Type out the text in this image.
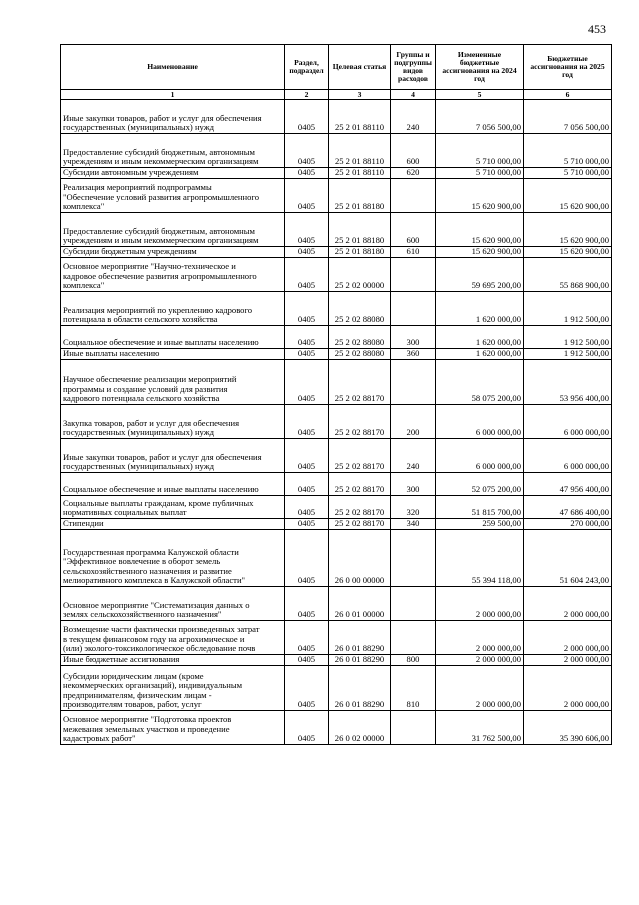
453
Наименование	Раздел, подраздел	Целевая статья	Группы и подгруппы видов расходов	Измененные бюджетные ассигнования на 2024 год	Бюджетные ассигнования на 2025 год
1	2	3	4	5	6
Иные закупки товаров, работ и услуг для обеспечения
государственных (муниципальных) нужд	0405	25 2 01 88110	240	7 056 500,00	7 056 500,00
Предоставление субсидий бюджетным, автономным
учреждениям и иным некоммерческим организациям	0405	25 2 01 88110	600	5 710 000,00	5 710 000,00
Субсидии автономным учреждениям	0405	25 2 01 88110	620	5 710 000,00	5 710 000,00
Реализация мероприятий подпрограммы
"Обеспечение условий развития агропромышленного
комплекса"	0405	25 2 01 88180		15 620 900,00	15 620 900,00
Предоставление субсидий бюджетным, автономным
учреждениям и иным некоммерческим организациям	0405	25 2 01 88180	600	15 620 900,00	15 620 900,00
Субсидии бюджетным учреждениям	0405	25 2 01 88180	610	15 620 900,00	15 620 900,00
Основное мероприятие "Научно-техническое и
кадровое обеспечение развития агропромышленного
комплекса"	0405	25 2 02 00000		59 695 200,00	55 868 900,00
Реализация мероприятий по укреплению кадрового
потенциала в области сельского хозяйства	0405	25 2 02 88080		1 620 000,00	1 912 500,00
Социальное обеспечение и иные выплаты населению	0405	25 2 02 88080	300	1 620 000,00	1 912 500,00
Иные выплаты населению	0405	25 2 02 88080	360	1 620 000,00	1 912 500,00
Научное обеспечение реализации мероприятий
программы и создание условий для развития
кадрового потенциала сельского хозяйства	0405	25 2 02 88170		58 075 200,00	53 956 400,00
Закупка товаров, работ и услуг для обеспечения
государственных (муниципальных) нужд	0405	25 2 02 88170	200	6 000 000,00	6 000 000,00
Иные закупки товаров, работ и услуг для обеспечения
государственных (муниципальных) нужд	0405	25 2 02 88170	240	6 000 000,00	6 000 000,00
Социальное обеспечение и иные выплаты населению	0405	25 2 02 88170	300	52 075 200,00	47 956 400,00
Социальные выплаты гражданам, кроме публичных
нормативных социальных выплат	0405	25 2 02 88170	320	51 815 700,00	47 686 400,00
Стипендии	0405	25 2 02 88170	340	259 500,00	270 000,00
Государственная программа Калужской области
"Эффективное вовлечение в оборот земель
сельскохозяйственного назначения и развитие
мелиоративного комплекса в Калужской области"	0405	26 0 00 00000		55 394 118,00	51 604 243,00
Основное мероприятие "Систематизация данных о
землях сельскохозяйственного назначения"	0405	26 0 01 00000		2 000 000,00	2 000 000,00
Возмещение части фактически произведенных затрат
в текущем финансовом году на агрохимическое и
(или) эколого-токсикологическое обследование почв	0405	26 0 01 88290		2 000 000,00	2 000 000,00
Иные бюджетные ассигнования	0405	26 0 01 88290	800	2 000 000,00	2 000 000,00
Субсидии юридическим лицам (кроме
некоммерческих организаций), индивидуальным
предпринимателям, физическим лицам -
производителям товаров, работ, услуг	0405	26 0 01 88290	810	2 000 000,00	2 000 000,00
Основное мероприятие "Подготовка проектов
межевания земельных участков и проведение
кадастровых работ"	0405	26 0 02 00000		31 762 500,00	35 390 606,00
